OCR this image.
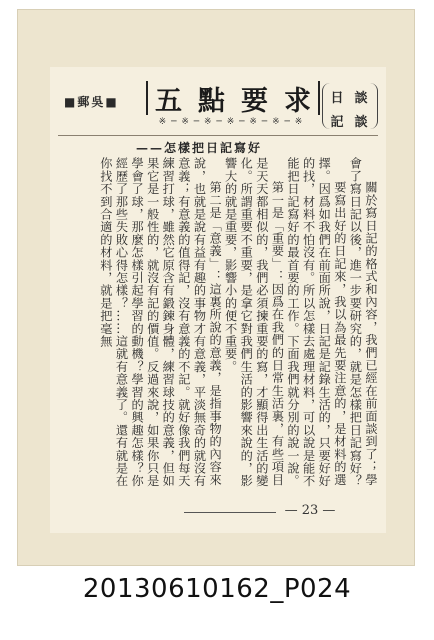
談
談
日
記
五點要求
※ ─ ※ ─ ※ ─ ※ ─ ※ ─ ※ ─ ※
■郵吳■
——怎樣把日記寫好

關於寫日記的格式和內容，我們已經在前面談到了；學會了寫日記以後，進一步要研究的，就是怎樣把日記寫好？

要寫出好的日記來，我以為最先要注意的，是材料的選擇。因爲如我們在前面所說，日記是記錄生活的，只要好好的找，材料不怕沒有。所以怎樣去處理材料，可以說是能不能把日記寫好的最首要的工作。下面我們就分別的說一說。

第一是「重要」：因爲在我們的日常生活裏，有些項目是天天都相似的，我們必須揀重要的寫，才顯得出生活的變化。所謂重要不重要，是拿它對我們生活的影響來說的，影響大的就是重要，影響小的便不重要。

第二是「意義」：這裏所說的意義，是指事物的內容來說，也就是說有益有趣的事物才有意義，平淡無奇的就沒有意義；有意義的值得記，沒有意義的不記。就好像我們每天練習打球，雖然它原含有鍛鍊身體，練習球技的意義，但如果它是一般性的，就沒有記的價值。反過來說，如果你只是學會了球，那麼怎樣引起學習的動機？學習的興趣怎樣？你經歷了那些失敗心得怎樣？……這就有意義了。還有就是在你找不到合適的材料，就是把毫無

— 23 —
20130610162_P024
